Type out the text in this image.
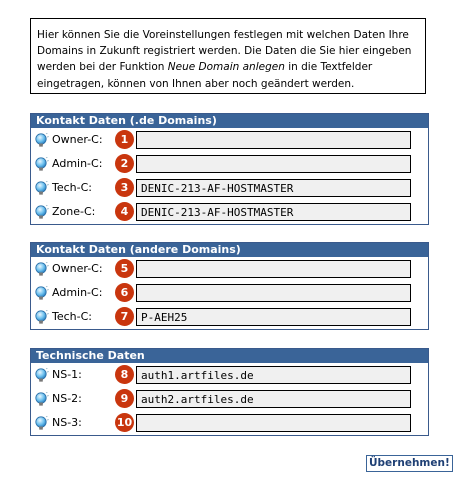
Hier können Sie die Voreinstellungen festlegen mit welchen Daten Ihre Domains in Zukunft registriert werden. Die Daten die Sie hier eingeben werden bei der Funktion Neue Domain anlegen in die Textfelder eingetragen, können von Ihnen aber noch geändert werden.
Kontakt Daten (.de Domains)
Owner-C:	1
Admin-C:	2
Tech-C:	3
DENIC-213-AF-HOSTMASTER
Zone-C:	4
DENIC-213-AF-HOSTMASTER
Kontakt Daten (andere Domains)
Owner-C:	5
Admin-C:	6
Tech-C:	7
P-AEH25
Technische Daten
NS-1:	8
auth1.artfiles.de
NS-2:	9
auth2.artfiles.de
NS-3:	10
Übernehmen!
